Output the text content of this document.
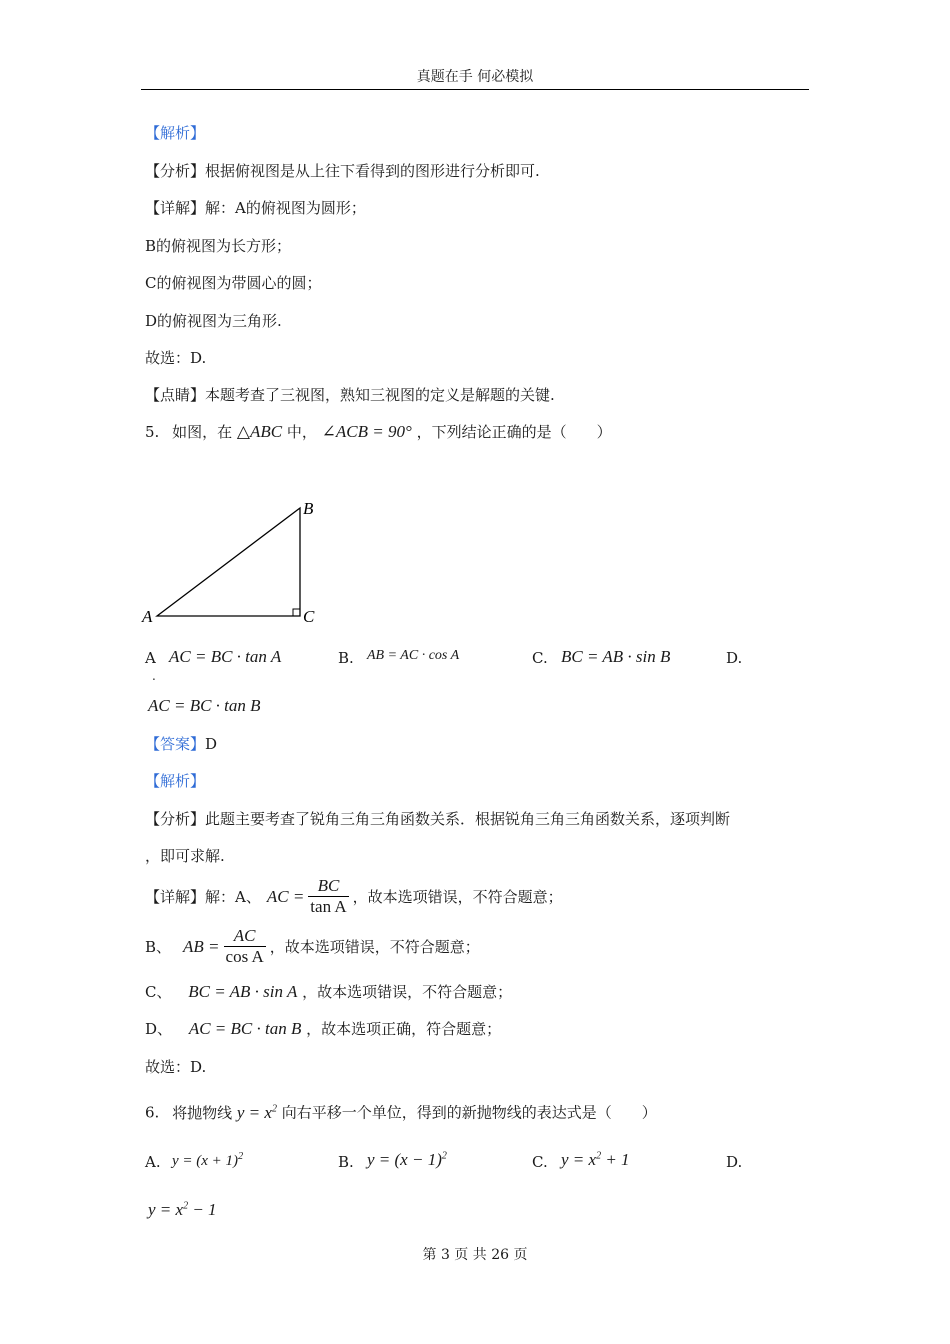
真题在手 何必模拟
【解析】
【分析】根据俯视图是从上往下看得到的图形进行分析即可.
【详解】解：A的俯视图为圆形；
B的俯视图为长方形；
C的俯视图为带圆心的圆；
D的俯视图为三角形.
故选：D.
【点睛】本题考查了三视图，熟知三视图的定义是解题的关键.
5. 如图，在 △ABC 中， ∠ACB = 90° ，下列结论正确的是（　　）
A
B
C
A
.
AC = BC · tan A	B. AB = AC · cos A	C. BC = AB · sin B	D.
AC = BC · tan B
【答案】D
【解析】
【分析】此题主要考查了锐角三角三角函数关系．根据锐角三角三角函数关系，逐项判断
，即可求解.
【详解】解：A、 AC = $\frac{BC}{\text{tan A}}$ ，故本选项错误，不符合题意；
B、 AB = $\frac{AC}{\text{cos A}}$ ，故本选项错误，不符合题意；
C、 BC = AB · sin A ，故本选项错误，不符合题意；
D、 AC = BC · tan B ，故本选项正确，符合题意；
故选：D.
6. 将抛物线 $y = x^2$ 向右平移一个单位，得到的新抛物线的表达式是（　　）
A. $y = (x + 1)^2$	B. $y = (x - 1)^2$	C. $y = x^2 + 1$	D.
$y = x^2 - 1$
第 3 页 共 26 页
